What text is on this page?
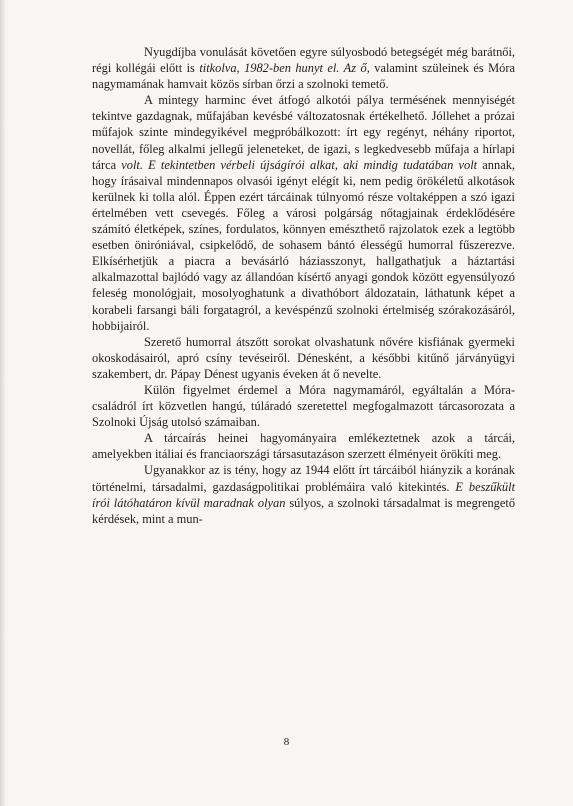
Nyugdíjba vonulását követően egyre súlyosbodó betegségét még barátnői, régi kollégái előtt is titkolva, 1982-ben hunyt el. Az ő, valamint szüleinek és Móra nagymamának hamvait közös sírban őrzi a szolnoki temető.

A mintegy harminc évet átfogó alkotói pálya termésének mennyiségét tekintve gazdagnak, műfajában kevésbé változatosnak értékelhető. Jóllehet a prózai műfajok szinte mindegyikével megpróbálkozott: írt egy regényt, néhány riportot, novellát, főleg alkalmi jellegű jeleneteket, de igazi, s legkedvesebb műfaja a hírlapi tárca volt. E tekintetben vérbeli újságírói alkat, aki mindig tudatában volt annak, hogy írásaival mindennapos olvasói igényt elégít ki, nem pedig örökéletű alkotások kerülnek ki tolla alól. Éppen ezért tárcáinak túlnyomó része voltaképpen a szó igazi értelmében vett csevegés. Főleg a városi polgárság nőtagjainak érdeklődésére számító életképek, színes, fordulatos, könnyen emészthető rajzolatok ezek a legtöbb esetben öniróniával, csipkelődő, de sohasem bántó élességű humorral fűszerezve. Elkísérhetjük a piacra a bevásárló háziasszonyt, hallgathatjuk a háztartási alkalmazottal bajlódó vagy az állandóan kísértő anyagi gondok között egyensúlyozó feleség monológjait, mosolyoghatunk a divathóbort áldozatain, láthatunk képet a korabeli farsangi báli forgatagról, a kevéspénzű szolnoki értelmiség szórakozásáról, hobbijairól.

Szerető humorral átszőtt sorokat olvashatunk nővére kisfiának gyermeki okoskodásairól, apró csíny tevéseiről. Dénesként, a későbbi kitűnő járványügyi szakembert, dr. Pápay Dénest ugyanis éveken át ő nevelte.

Külön figyelmet érdemel a Móra nagymamáról, egyáltalán a Móra-családról írt közvetlen hangú, túláradó szeretettel megfogalmazott tárcasorozata a Szolnoki Újság utolsó számaiban.

A tárcaírás heinei hagyományaira emlékeztetnek azok a tárcái, amelyekben itáliai és franciaországi társasutazáson szerzett élményeit örökíti meg.

Ugyanakkor az is tény, hogy az 1944 előtt írt tárcáiból hiányzik a korának történelmi, társadalmi, gazdaságpolitikai problémáira való kitekintés. E beszűkült írói látóhatáron kívül maradnak olyan súlyos, a szolnoki társadalmat is megrengető kérdések, mint a mun-

8
